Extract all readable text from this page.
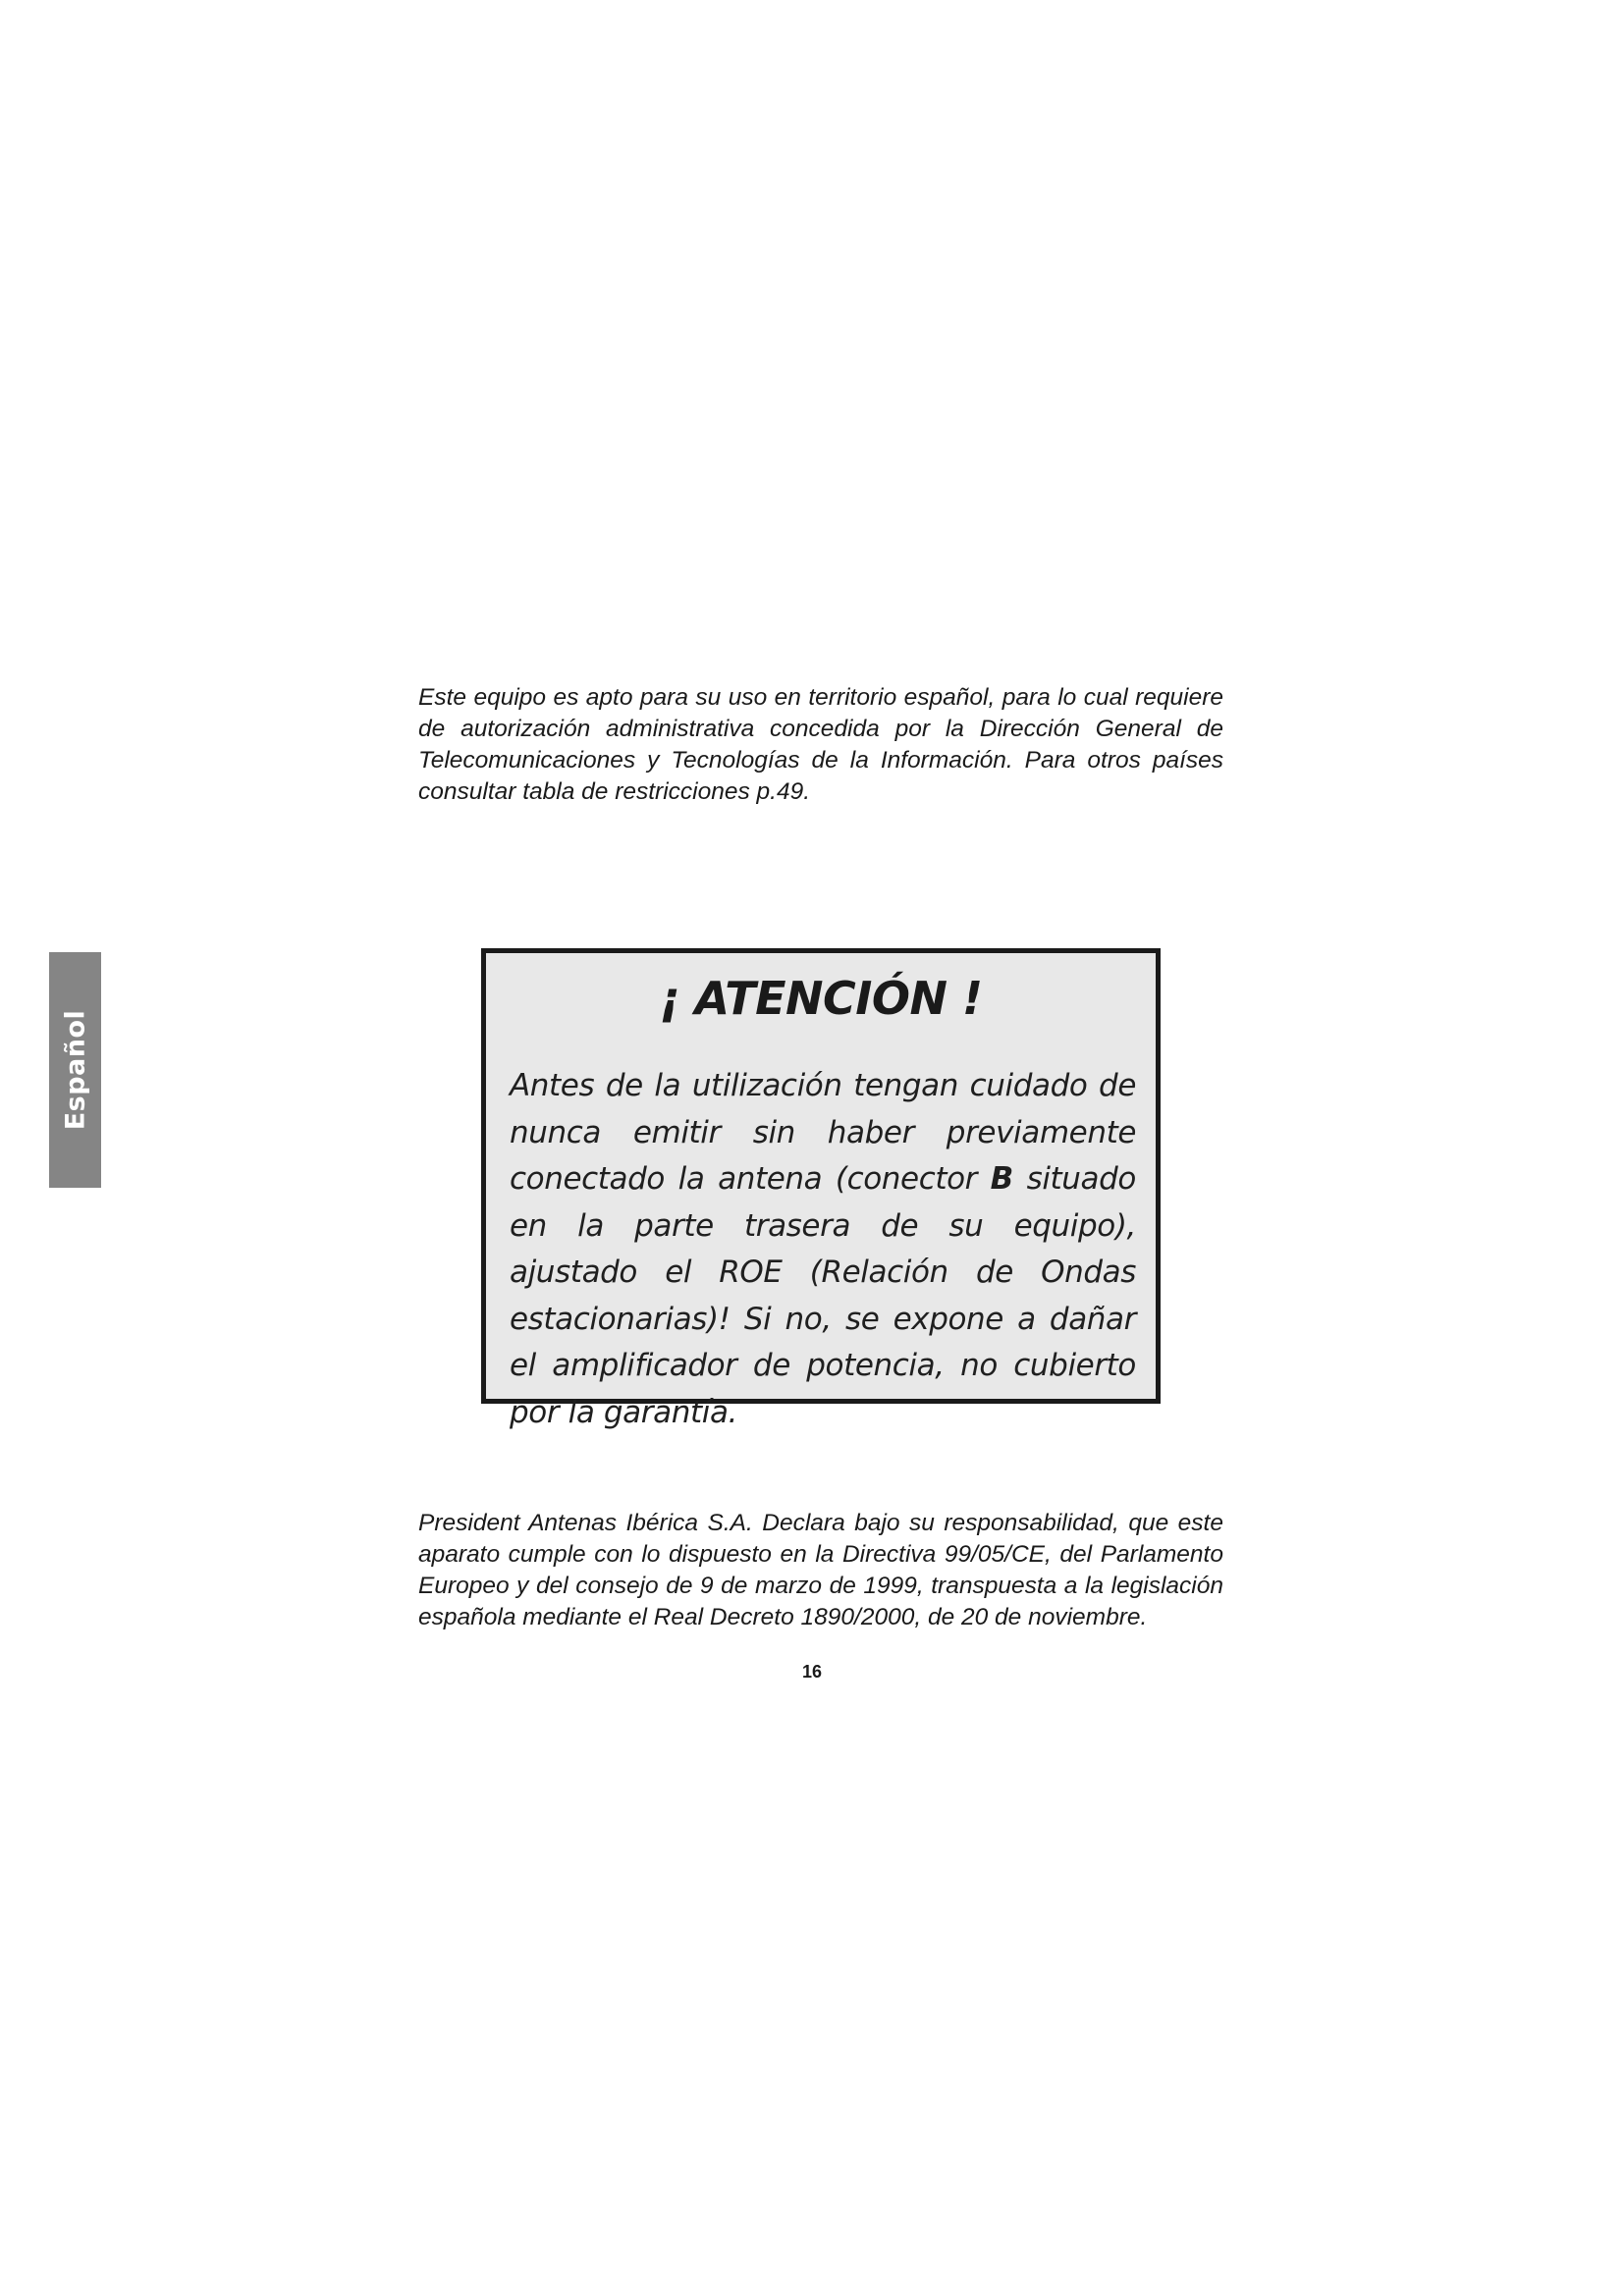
Español

Este equipo es apto para su uso en territorio español, para lo cual requiere de autorización administrativa concedida por la Dirección General de Telecomunicaciones y Tecnologías de la Información. Para otros países consultar tabla de restricciones p.49.

¡ ATENCIÓN !

Antes de la utilización tengan cuidado de nunca emitir sin haber previamente conectado la antena (conector B situado en la parte trasera de su equipo), ajustado el ROE (Relación de Ondas estacionarias)! Si no, se expone a dañar el amplificador de potencia, no cubierto por la garantía.

President Antenas Ibérica S.A. Declara bajo su responsabilidad, que este aparato cumple con lo dispuesto en la Directiva 99/05/CE, del Parlamento Europeo y del consejo de 9 de marzo de 1999, transpuesta a la legislación española mediante el Real Decreto 1890/2000, de 20 de noviembre.

16
